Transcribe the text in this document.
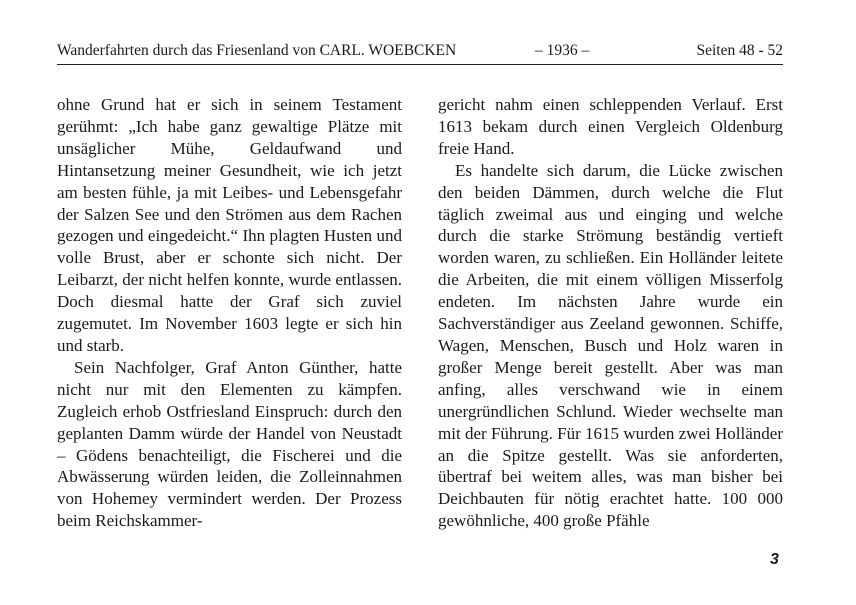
Wanderfahrten durch das Friesenland von CARL. WOEBCKEN	– 1936 –	Seiten 48 - 52

ohne Grund hat er sich in seinem Testament gerühmt: „Ich habe ganz gewaltige Plätze mit unsäglicher Mühe, Geldaufwand und Hintansetzung meiner Gesundheit, wie ich jetzt am besten fühle, ja mit Leibes- und Lebensgefahr der Salzen See und den Strömen aus dem Rachen gezogen und eingedeicht.“ Ihn plagten Husten und volle Brust, aber er schonte sich nicht. Der Leibarzt, der nicht helfen konnte, wurde entlassen. Doch diesmal hatte der Graf sich zuviel zugemutet. Im November 1603 legte er sich hin und starb.

Sein Nachfolger, Graf Anton Günther, hatte nicht nur mit den Elementen zu kämpfen. Zugleich erhob Ostfriesland Einspruch: durch den geplanten Damm würde der Handel von Neustadt – Gödens benachteiligt, die Fischerei und die Abwässerung würden leiden, die Zolleinnahmen von Hohemey vermindert werden. Der Prozess beim Reichskammer-

gericht nahm einen schleppenden Verlauf. Erst 1613 bekam durch einen Vergleich Oldenburg freie Hand.

Es handelte sich darum, die Lücke zwischen den beiden Dämmen, durch welche die Flut täglich zweimal aus und einging und welche durch die starke Strömung beständig vertieft worden waren, zu schließen. Ein Holländer leitete die Arbeiten, die mit einem völligen Misserfolg endeten. Im nächsten Jahre wurde ein Sachverständiger aus Zeeland gewonnen. Schiffe, Wagen, Menschen, Busch und Holz waren in großer Menge bereit gestellt. Aber was man anfing, alles verschwand wie in einem unergründlichen Schlund. Wieder wechselte man mit der Führung. Für 1615 wurden zwei Holländer an die Spitze gestellt. Was sie anforderten, übertraf bei weitem alles, was man bisher bei Deichbauten für nötig erachtet hatte. 100 000 gewöhnliche, 400 große Pfähle

3
